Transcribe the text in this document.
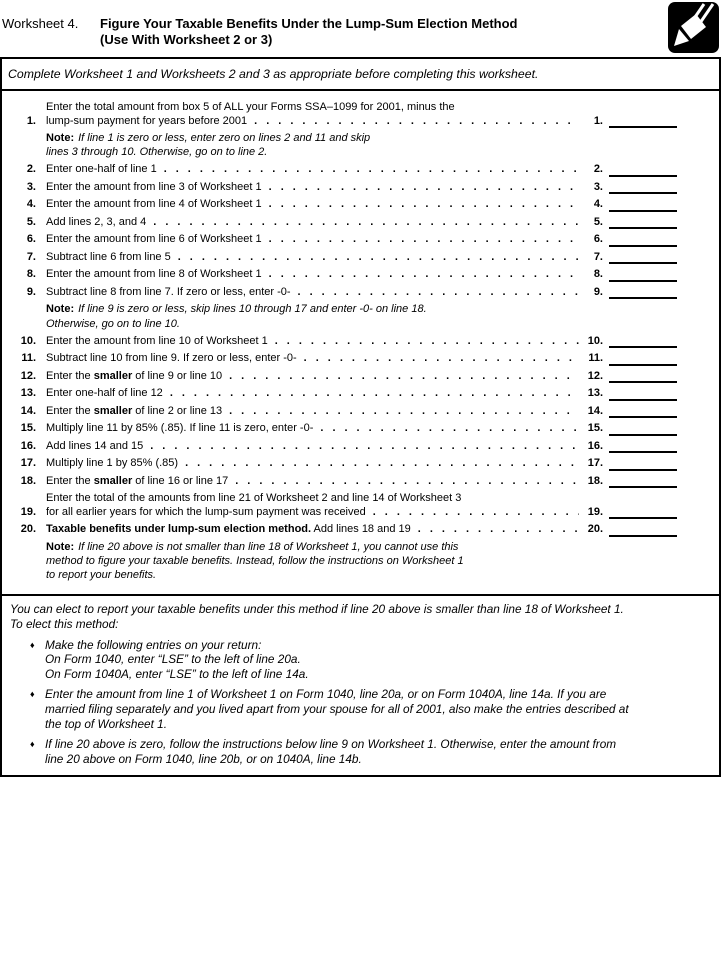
Worksheet 4.	Figure Your Taxable Benefits Under the Lump-Sum Election Method
(Use With Worksheet 2 or 3)
Complete Worksheet 1 and Worksheets 2 and 3 as appropriate before completing this worksheet.
1.
Enter the total amount from box 5 of ALL your Forms SSA–1099 for 2001, minus the
lump-sum payment for years before 2001 .....	1.
Note: If line 1 is zero or less, enter zero on lines 2 and 11 and skip
lines 3 through 10. Otherwise, go on to line 2.
2. Enter one-half of line 1 .....	2.
3. Enter the amount from line 3 of Worksheet 1 .....	3.
4. Enter the amount from line 4 of Worksheet 1 .....	4.
5. Add lines 2, 3, and 4 .....	5.
6. Enter the amount from line 6 of Worksheet 1 .....	6.
7. Subtract line 6 from line 5 .....	7.
8. Enter the amount from line 8 of Worksheet 1 .....	8.
9. Subtract line 8 from line 7. If zero or less, enter -0- .....	9.
Note: If line 9 is zero or less, skip lines 10 through 17 and enter -0- on line 18.
Otherwise, go on to line 10.
10. Enter the amount from line 10 of Worksheet 1 .....	10.
11. Subtract line 10 from line 9. If zero or less, enter -0- .....	11.
12. Enter the smaller of line 9 or line 10 .....	12.
13. Enter one-half of line 12 .....	13.
14. Enter the smaller of line 2 or line 13 .....	14.
15. Multiply line 11 by 85% (.85). If line 11 is zero, enter -0- .....	15.
16. Add lines 14 and 15 .....	16.
17. Multiply line 1 by 85% (.85) .....	17.
18. Enter the smaller of line 16 or line 17 .....	18.
19.
Enter the total of the amounts from line 21 of Worksheet 2 and line 14 of Worksheet 3
for all earlier years for which the lump-sum payment was received .....	19.
20. Taxable benefits under lump-sum election method. Add lines 18 and 19 .....	20.
Note: If line 20 above is not smaller than line 18 of Worksheet 1, you cannot use this
method to figure your taxable benefits. Instead, follow the instructions on Worksheet 1
to report your benefits.
You can elect to report your taxable benefits under this method if line 20 above is smaller than line 18 of Worksheet 1.
To elect this method:
♦ Make the following entries on your return:
On Form 1040, enter “LSE” to the left of line 20a.
On Form 1040A, enter “LSE” to the left of line 14a.
♦ Enter the amount from line 1 of Worksheet 1 on Form 1040, line 20a, or on Form 1040A, line 14a. If you are
married filing separately and you lived apart from your spouse for all of 2001, also make the entries described at
the top of Worksheet 1.
♦ If line 20 above is zero, follow the instructions below line 9 on Worksheet 1. Otherwise, enter the amount from
line 20 above on Form 1040, line 20b, or on 1040A, line 14b.
